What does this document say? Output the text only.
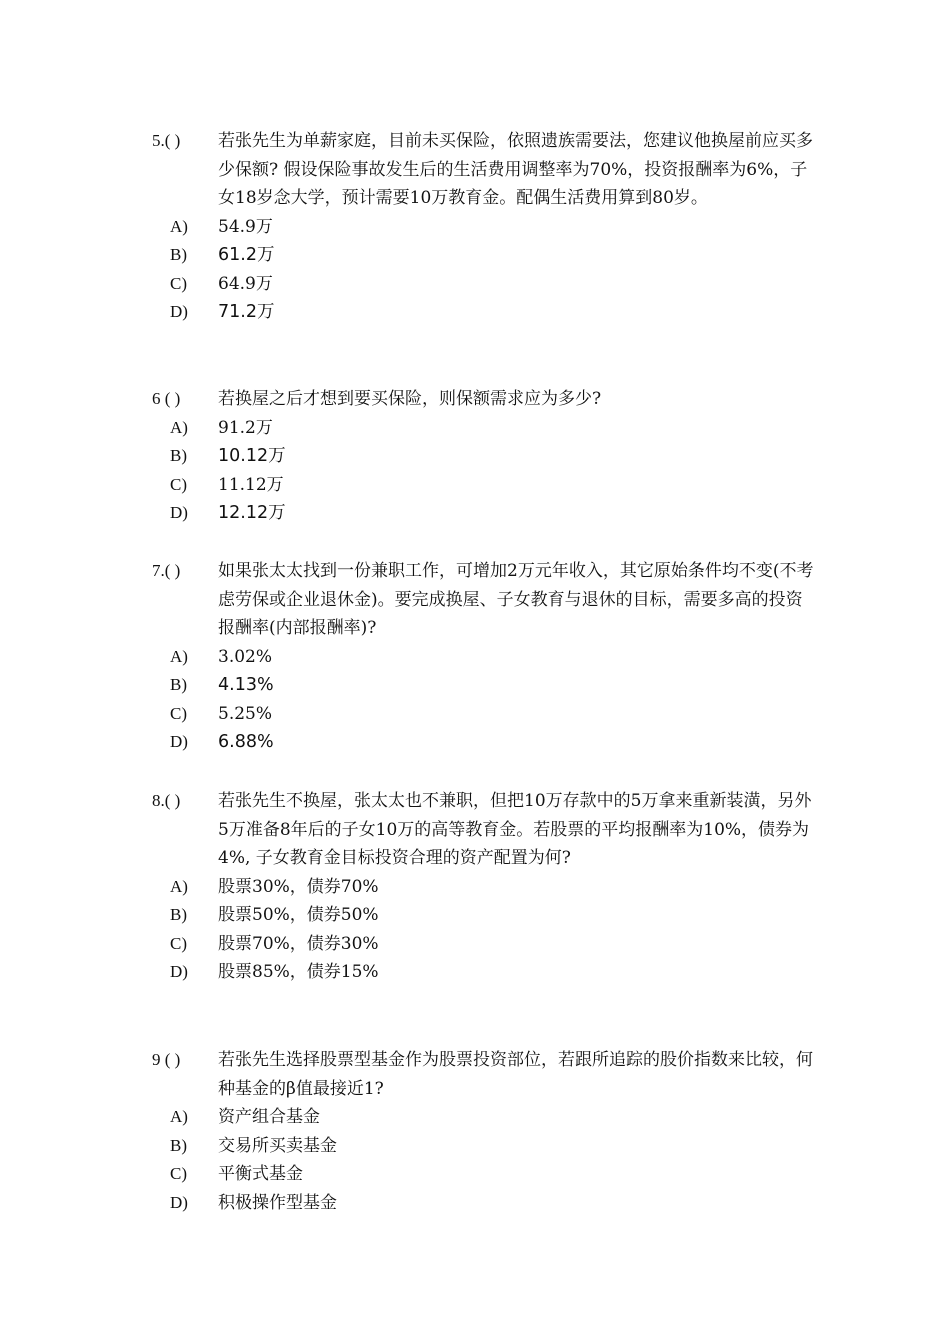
5.( )	若张先生为单薪家庭，目前未买保险，依照遗族需要法，您建议他换屋前应买多少保额? 假设保险事故发生后的生活费用调整率为70%，投资报酬率为6%，子女18岁念大学，预计需要10万教育金。配偶生活费用算到80岁。
A)	54.9万
B)	61.2万
C)	64.9万
D)	71.2万
6 ( )	若换屋之后才想到要买保险，则保额需求应为多少?
A)	91.2万
B)	10.12万
C)	11.12万
D)	12.12万
7.( )	如果张太太找到一份兼职工作，可增加2万元年收入，其它原始条件均不变(不考虑劳保或企业退休金)。要完成换屋、子女教育与退休的目标，需要多高的投资报酬率(内部报酬率)?
A)	3.02%
B)	4.13%
C)	5.25%
D)	6.88%
8.( )	若张先生不换屋，张太太也不兼职，但把10万存款中的5万拿来重新装潢，另外5万准备8年后的子女10万的高等教育金。若股票的平均报酬率为10%，债券为4%, 子女教育金目标投资合理的资产配置为何?
A)	股票30%，债券70%
B)	股票50%，债券50%
C)	股票70%，债券30%
D)	股票85%，债券15%
9 ( )	若张先生选择股票型基金作为股票投资部位，若跟所追踪的股价指数来比较，何种基金的β值最接近1?
A)	资产组合基金
B)	交易所买卖基金
C)	平衡式基金
D)	积极操作型基金
